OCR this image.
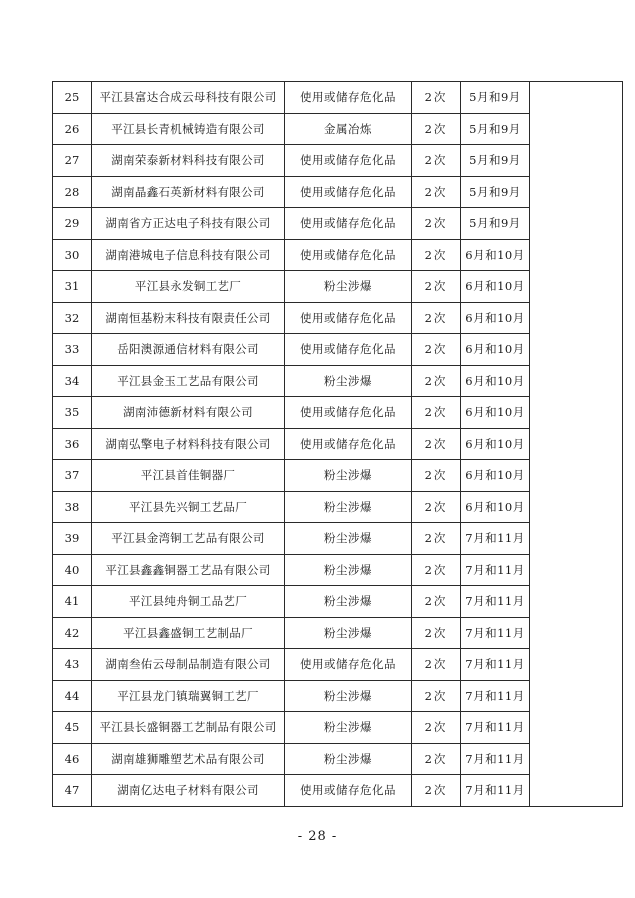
25	平江县富达合成云母科技有限公司	使用或储存危化品	2次	5月和9月	
26	平江县长青机械铸造有限公司	金属冶炼	2次	5月和9月	
27	湖南荣泰新材料科技有限公司	使用或储存危化品	2次	5月和9月	
28	湖南晶鑫石英新材料有限公司	使用或储存危化品	2次	5月和9月	
29	湖南省方正达电子科技有限公司	使用或储存危化品	2次	5月和9月	
30	湖南港城电子信息科技有限公司	使用或储存危化品	2次	6月和10月	
31	平江县永发铜工艺厂	粉尘涉爆	2次	6月和10月	
32	湖南恒基粉末科技有限责任公司	使用或储存危化品	2次	6月和10月	
33	岳阳澳源通信材料有限公司	使用或储存危化品	2次	6月和10月	
34	平江县金玉工艺品有限公司	粉尘涉爆	2次	6月和10月	
35	湖南沛德新材料有限公司	使用或储存危化品	2次	6月和10月	
36	湖南弘擎电子材料科技有限公司	使用或储存危化品	2次	6月和10月	
37	平江县首佳铜器厂	粉尘涉爆	2次	6月和10月	
38	平江县先兴铜工艺品厂	粉尘涉爆	2次	6月和10月	
39	平江县金湾铜工艺品有限公司	粉尘涉爆	2次	7月和11月	
40	平江县鑫鑫铜器工艺品有限公司	粉尘涉爆	2次	7月和11月	
41	平江县纯舟铜工品艺厂	粉尘涉爆	2次	7月和11月	
42	平江县鑫盛铜工艺制品厂	粉尘涉爆	2次	7月和11月	
43	湖南叁佑云母制品制造有限公司	使用或储存危化品	2次	7月和11月	
44	平江县龙门镇瑞翼铜工艺厂	粉尘涉爆	2次	7月和11月	
45	平江县长盛铜器工艺制品有限公司	粉尘涉爆	2次	7月和11月	
46	湖南雄狮雕塑艺术品有限公司	粉尘涉爆	2次	7月和11月	
47	湖南亿达电子材料有限公司	使用或储存危化品	2次	7月和11月	
- 28 -
